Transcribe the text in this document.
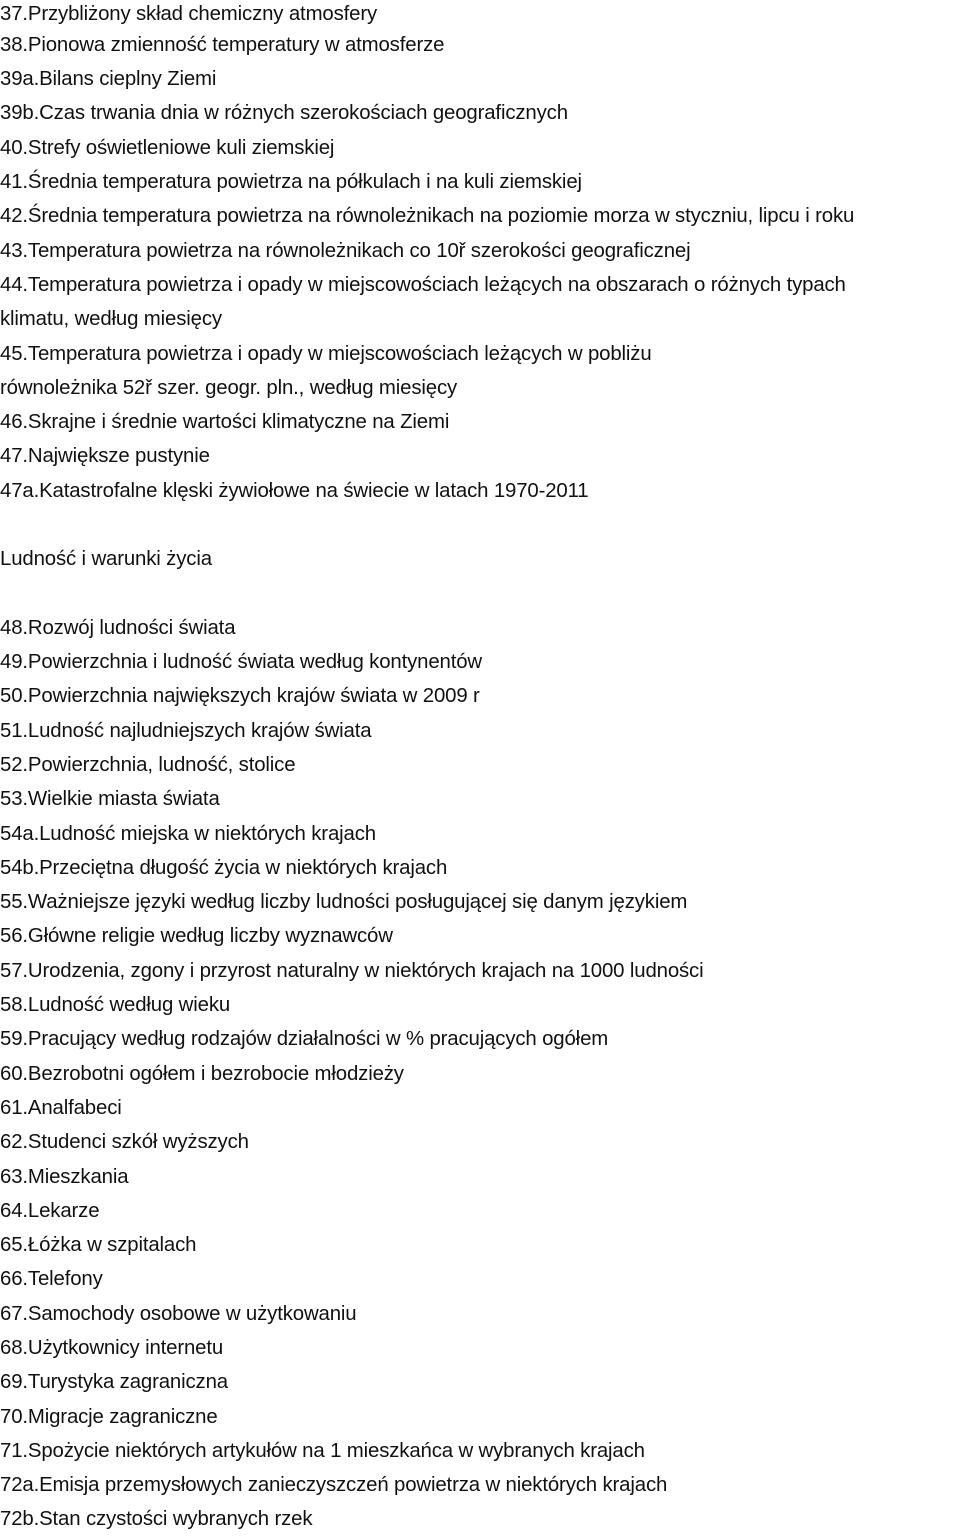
37.Przybliżony skład chemiczny atmosfery
38.Pionowa zmienność temperatury w atmosferze
39a.Bilans cieplny Ziemi
39b.Czas trwania dnia w różnych szerokościach geograficznych
40.Strefy oświetleniowe kuli ziemskiej
41.Średnia temperatura powietrza na półkulach i na kuli ziemskiej
42.Średnia temperatura powietrza na równoleżnikach na poziomie morza w styczniu, lipcu i roku
43.Temperatura powietrza na równoleżnikach co 10ř szerokości geograficznej
44.Temperatura powietrza i opady w miejscowościach leżących na obszarach o różnych typach
klimatu, według miesięcy
45.Temperatura powietrza i opady w miejscowościach leżących w pobliżu
równoleżnika 52ř szer. geogr. pln., według miesięcy
46.Skrajne i średnie wartości klimatyczne na Ziemi
47.Największe pustynie
47a.Katastrofalne klęski żywiołowe na świecie w latach 1970-2011
Ludność i warunki życia
48.Rozwój ludności świata
49.Powierzchnia i ludność świata według kontynentów
50.Powierzchnia największych krajów świata w 2009 r
51.Ludność najludniejszych krajów świata
52.Powierzchnia, ludność, stolice
53.Wielkie miasta świata
54a.Ludność miejska w niektórych krajach
54b.Przeciętna długość życia w niektórych krajach
55.Ważniejsze języki według liczby ludności posługującej się danym językiem
56.Główne religie według liczby wyznawców
57.Urodzenia, zgony i przyrost naturalny w niektórych krajach na 1000 ludności
58.Ludność według wieku
59.Pracujący według rodzajów działalności w % pracujących ogółem
60.Bezrobotni ogółem i bezrobocie młodzieży
61.Analfabeci
62.Studenci szkół wyższych
63.Mieszkania
64.Lekarze
65.Łóżka w szpitalach
66.Telefony
67.Samochody osobowe w użytkowaniu
68.Użytkownicy internetu
69.Turystyka zagraniczna
70.Migracje zagraniczne
71.Spożycie niektórych artykułów na 1 mieszkańca w wybranych krajach
72a.Emisja przemysłowych zanieczyszczeń powietrza w niektórych krajach
72b.Stan czystości wybranych rzek
